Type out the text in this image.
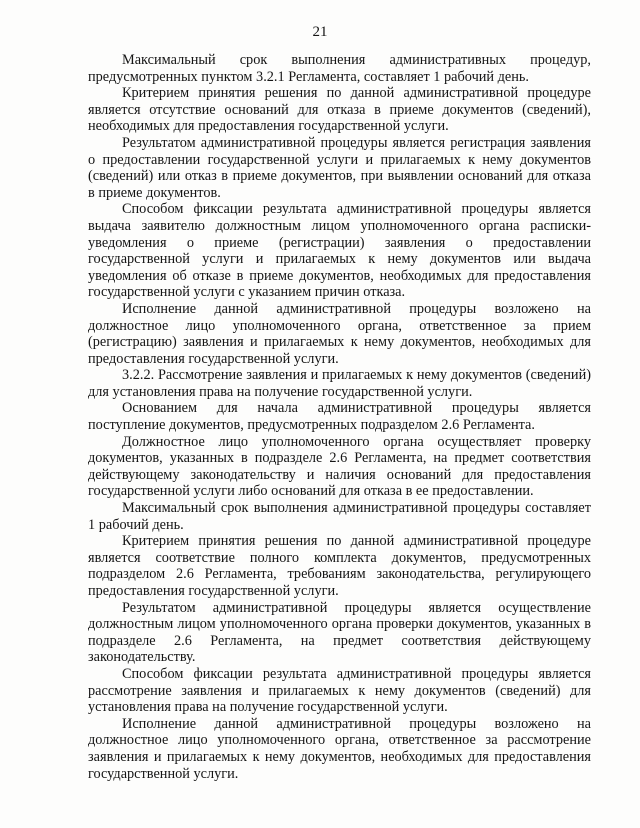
21

Максимальный срок выполнения административных процедур, предусмотренных пунктом 3.2.1 Регламента, составляет 1 рабочий день.

Критерием принятия решения по данной административной процедуре является отсутствие оснований для отказа в приеме документов (сведений), необходимых для предоставления государственной услуги.

Результатом административной процедуры является регистрация заявления о предоставлении государственной услуги и прилагаемых к нему документов (сведений) или отказ в приеме документов, при выявлении оснований для отказа в приеме документов.

Способом фиксации результата административной процедуры является выдача заявителю должностным лицом уполномоченного органа расписки-уведомления о приеме (регистрации) заявления о предоставлении государственной услуги и прилагаемых к нему документов или выдача уведомления об отказе в приеме документов, необходимых для предоставления государственной услуги с указанием причин отказа.

Исполнение данной административной процедуры возложено на должностное лицо уполномоченного органа, ответственное за прием (регистрацию) заявления и прилагаемых к нему документов, необходимых для предоставления государственной услуги.

3.2.2. Рассмотрение заявления и прилагаемых к нему документов (сведений) для установления права на получение государственной услуги.

Основанием для начала административной процедуры является поступление документов, предусмотренных подразделом 2.6 Регламента.

Должностное лицо уполномоченного органа осуществляет проверку документов, указанных в подразделе 2.6 Регламента, на предмет соответствия действующему законодательству и наличия оснований для предоставления государственной услуги либо оснований для отказа в ее предоставлении.

Максимальный срок выполнения административной процедуры составляет 1 рабочий день.

Критерием принятия решения по данной административной процедуре является соответствие полного комплекта документов, предусмотренных подразделом 2.6 Регламента, требованиям законодательства, регулирующего предоставления государственной услуги.

Результатом административной процедуры является осуществление должностным лицом уполномоченного органа проверки документов, указанных в подразделе 2.6 Регламента, на предмет соответствия действующему законодательству.

Способом фиксации результата административной процедуры является рассмотрение заявления и прилагаемых к нему документов (сведений) для установления права на получение государственной услуги.

Исполнение данной административной процедуры возложено на должностное лицо уполномоченного органа, ответственное за рассмотрение заявления и прилагаемых к нему документов, необходимых для предоставления государственной услуги.
